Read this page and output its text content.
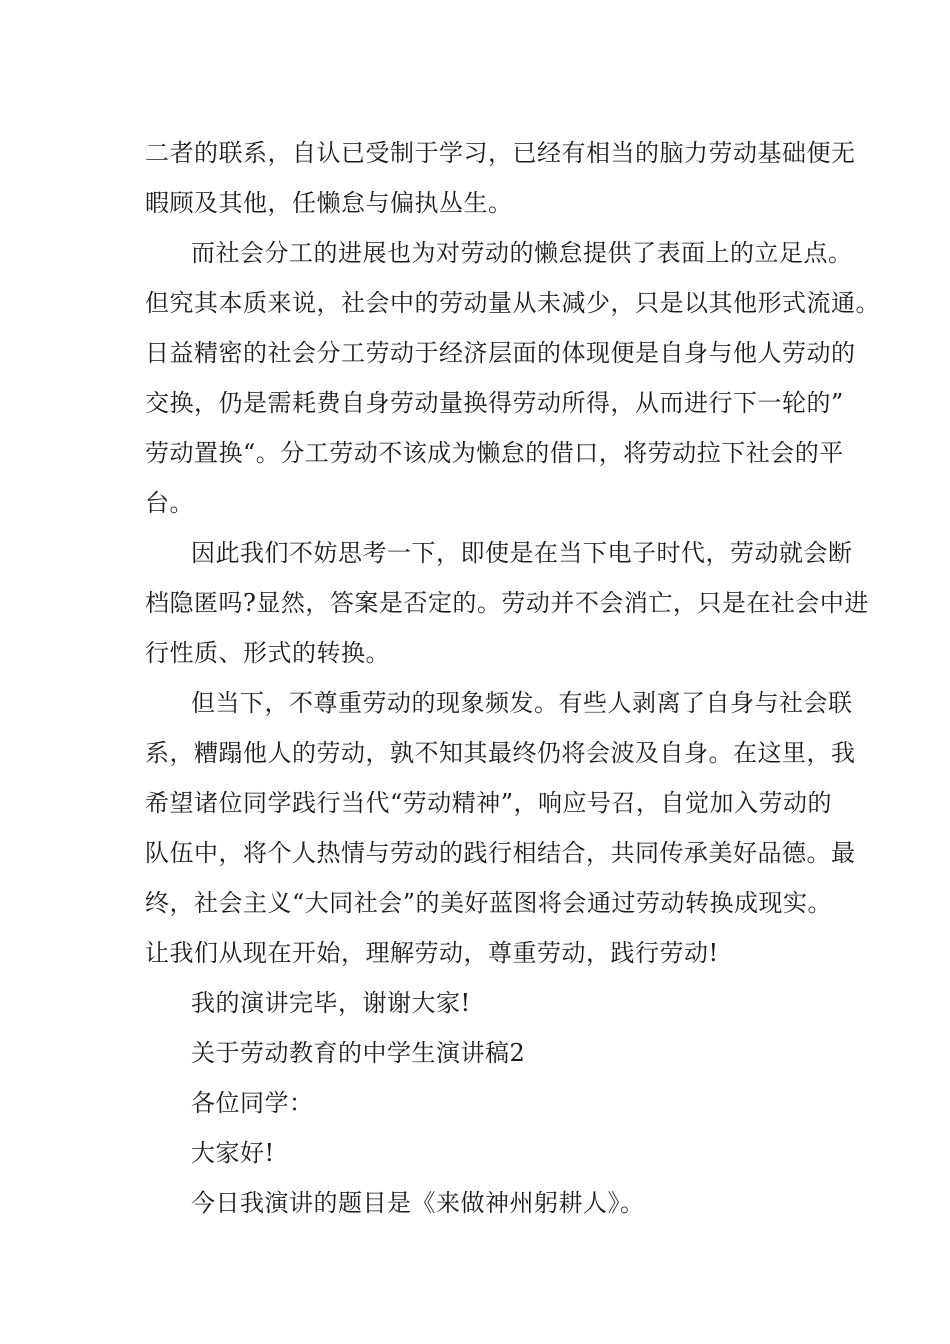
二者的联系，自认已受制于学习，已经有相当的脑力劳动基础便无
暇顾及其他，任懒怠与偏执丛生。
而社会分工的进展也为对劳动的懒怠提供了表面上的立足点。
但究其本质来说，社会中的劳动量从未减少，只是以其他形式流通。
日益精密的社会分工劳动于经济层面的体现便是自身与他人劳动的
交换，仍是需耗费自身劳动量换得劳动所得，从而进行下一轮的”
劳动置换“。分工劳动不该成为懒怠的借口，将劳动拉下社会的平
台。
因此我们不妨思考一下，即使是在当下电子时代，劳动就会断
档隐匿吗?显然，答案是否定的。劳动并不会消亡，只是在社会中进
行性质、形式的转换。
但当下，不尊重劳动的现象频发。有些人剥离了自身与社会联
系，糟蹋他人的劳动，孰不知其最终仍将会波及自身。在这里，我
希望诸位同学践行当代“劳动精神”，响应号召，自觉加入劳动的
队伍中，将个人热情与劳动的践行相结合，共同传承美好品德。最
终，社会主义“大同社会”的美好蓝图将会通过劳动转换成现实。
让我们从现在开始，理解劳动，尊重劳动，践行劳动!
我的演讲完毕，谢谢大家!
关于劳动教育的中学生演讲稿2
各位同学：
大家好!
今日我演讲的题目是《来做神州躬耕人》。
